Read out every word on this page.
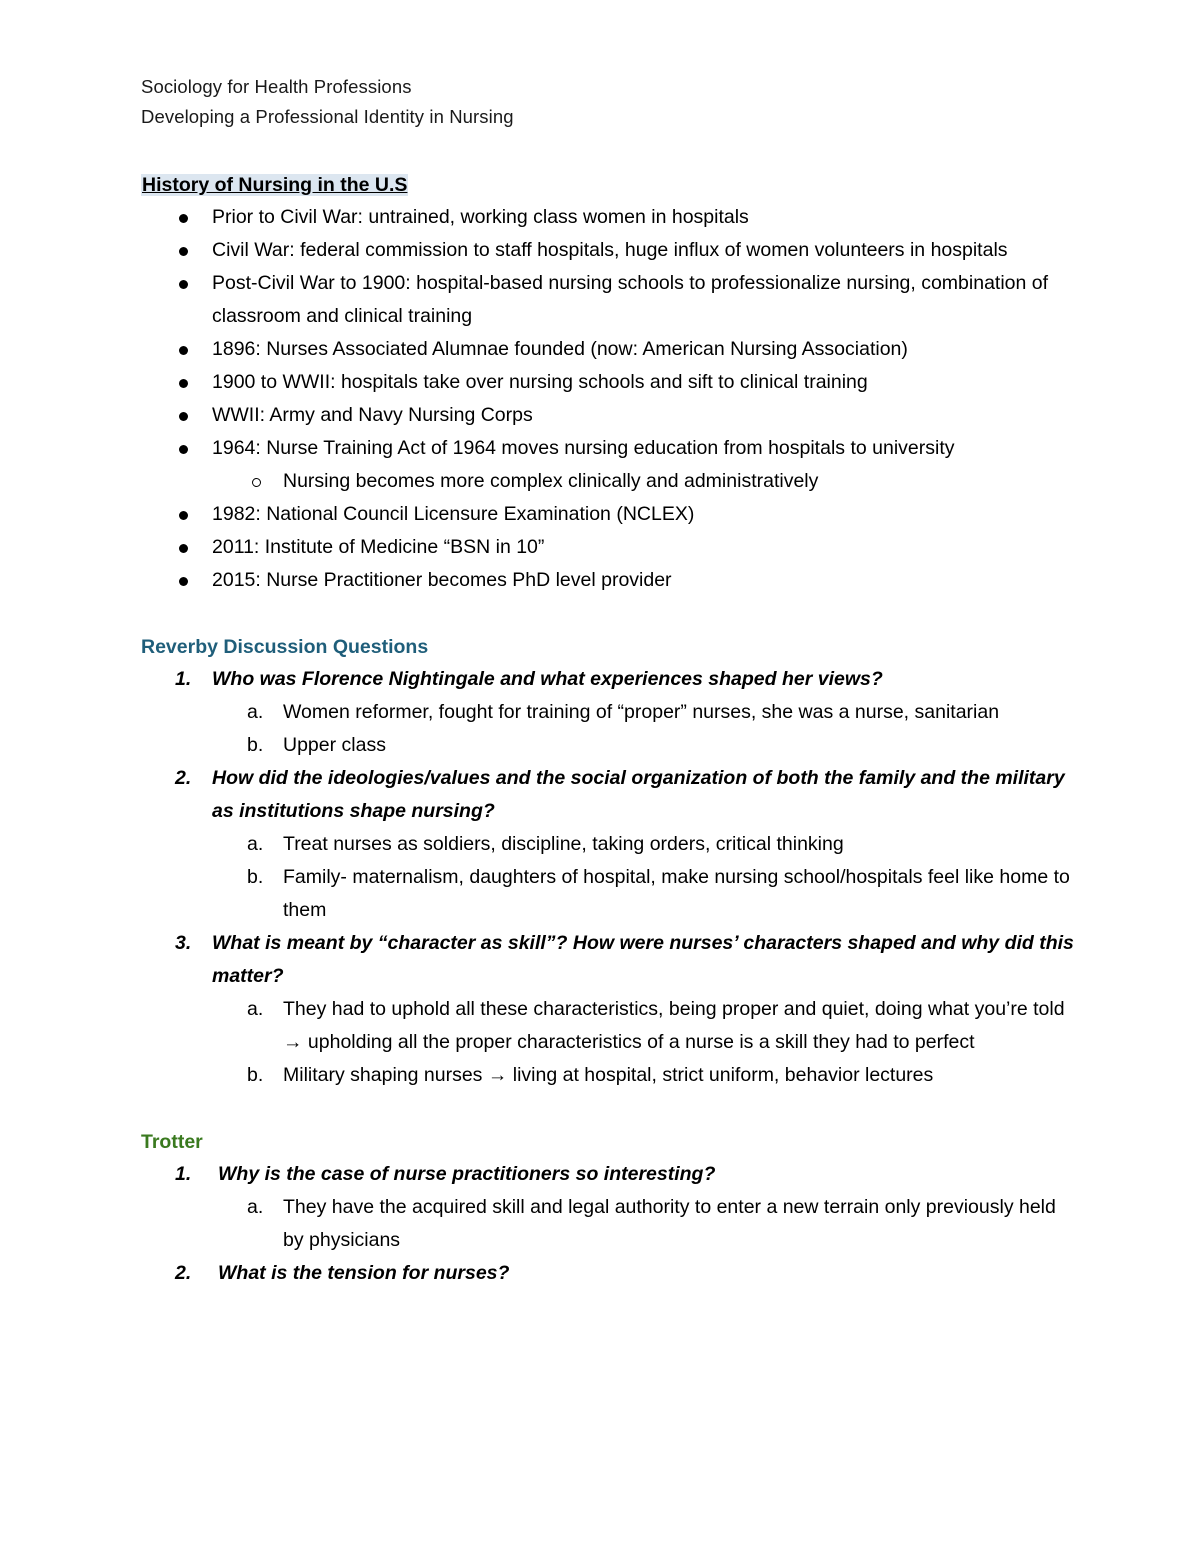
Sociology for Health Professions
Developing a Professional Identity in Nursing
History of Nursing in the U.S
Prior to Civil War: untrained, working class women in hospitals
Civil War: federal commission to staff hospitals, huge influx of women volunteers in hospitals
Post-Civil War to 1900: hospital-based nursing schools to professionalize nursing, combination of classroom and clinical training
1896: Nurses Associated Alumnae founded (now: American Nursing Association)
1900 to WWII: hospitals take over nursing schools and sift to clinical training
WWII: Army and Navy Nursing Corps
1964: Nurse Training Act of 1964 moves nursing education from hospitals to university
Nursing becomes more complex clinically and administratively
1982: National Council Licensure Examination (NCLEX)
2011: Institute of Medicine “BSN in 10”
2015: Nurse Practitioner becomes PhD level provider
Reverby Discussion Questions
1. Who was Florence Nightingale and what experiences shaped her views?
a. Women reformer, fought for training of “proper” nurses, she was a nurse, sanitarian
b. Upper class
2. How did the ideologies/values and the social organization of both the family and the military as institutions shape nursing?
a. Treat nurses as soldiers, discipline, taking orders, critical thinking
b. Family- maternalism, daughters of hospital, make nursing school/hospitals feel like home to them
3. What is meant by “character as skill”? How were nurses’ characters shaped and why did this matter?
a. They had to uphold all these characteristics, being proper and quiet, doing what you’re told → upholding all the proper characteristics of a nurse is a skill they had to perfect
b. Military shaping nurses → living at hospital, strict uniform, behavior lectures
Trotter
1. Why is the case of nurse practitioners so interesting?
a. They have the acquired skill and legal authority to enter a new terrain only previously held by physicians
2. What is the tension for nurses?
